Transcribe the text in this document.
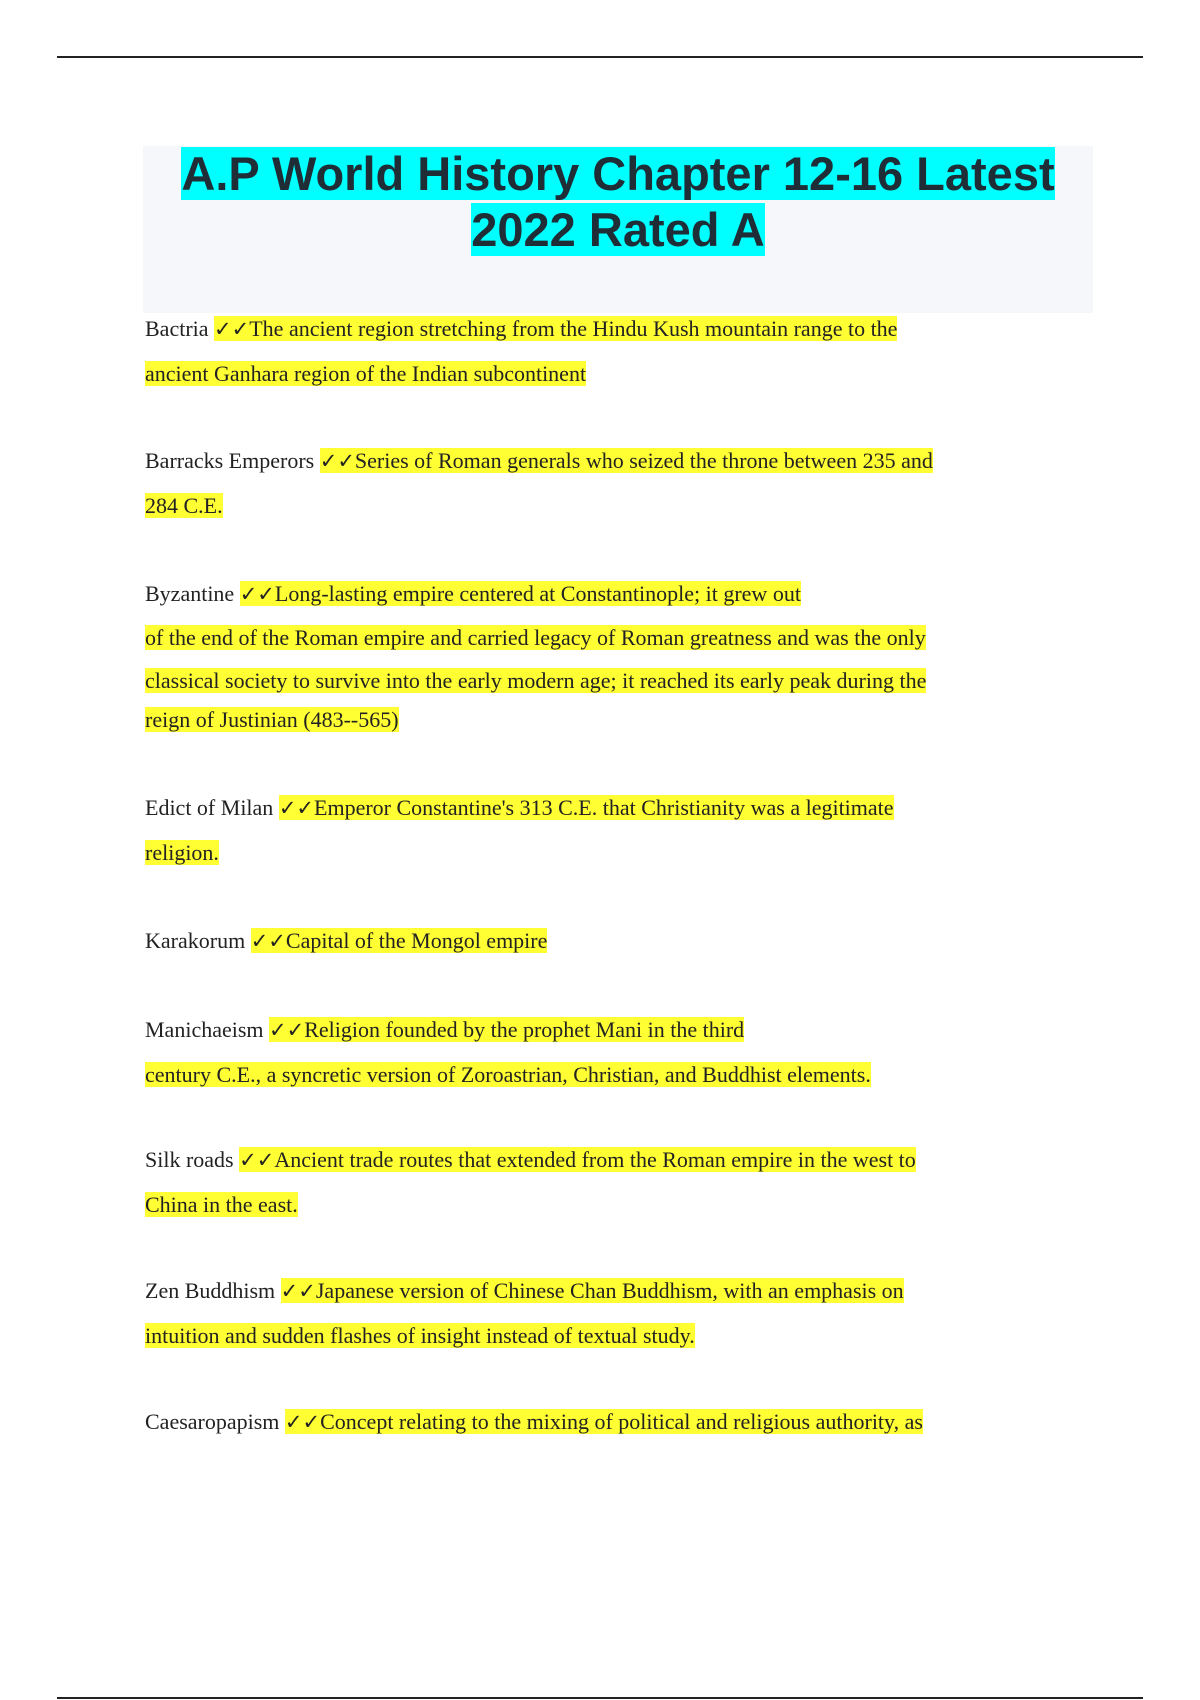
A.P World History Chapter 12-16 Latest
2022 Rated A
Bactria ✓✓The ancient region stretching from the Hindu Kush mountain range to the
ancient Ganhara region of the Indian subcontinent
Barracks Emperors ✓✓Series of Roman generals who seized the throne between 235 and
284 C.E.
Byzantine ✓✓Long-lasting empire centered at Constantinople; it grew out
of the end of the Roman empire and carried legacy of Roman greatness and was the only
classical society to survive into the early modern age; it reached its early peak during the
reign of Justinian (483--565)
Edict of Milan ✓✓Emperor Constantine's 313 C.E. that Christianity was a legitimate
religion.
Karakorum ✓✓Capital of the Mongol empire
Manichaeism ✓✓Religion founded by the prophet Mani in the third
century C.E., a syncretic version of Zoroastrian, Christian, and Buddhist elements.
Silk roads ✓✓Ancient trade routes that extended from the Roman empire in the west to
China in the east.
Zen Buddhism ✓✓Japanese version of Chinese Chan Buddhism, with an emphasis on
intuition and sudden flashes of insight instead of textual study.
Caesaropapism ✓✓Concept relating to the mixing of political and religious authority, as
